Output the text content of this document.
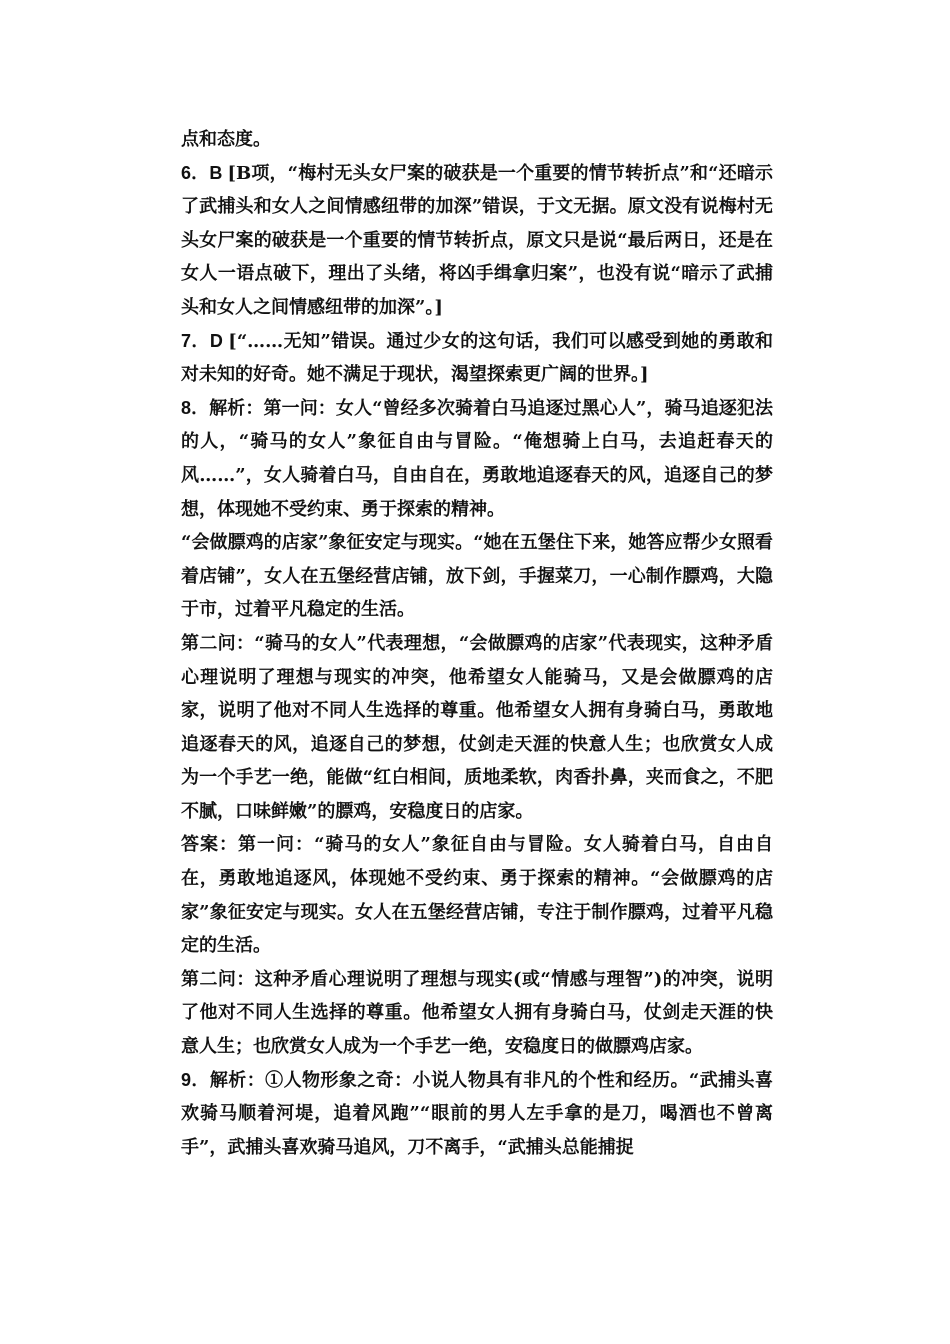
点和态度。
6．B [B项，“梅村无头女尸案的破获是一个重要的情节转折点”和“还暗示了武捕头和女人之间情感纽带的加深”错误，于文无据。原文没有说梅村无头女尸案的破获是一个重要的情节转折点，原文只是说“最后两日，还是在女人一语点破下，理出了头绪，将凶手缉拿归案”，也没有说“暗示了武捕头和女人之间情感纽带的加深”。]
7．D [“……无知”错误。通过少女的这句话，我们可以感受到她的勇敢和对未知的好奇。她不满足于现状，渴望探索更广阔的世界。]
8．解析：第一问：女人“曾经多次骑着白马追逐过黑心人”，骑马追逐犯法的人，“骑马的女人”象征自由与冒险。“俺想骑上白马，去追赶春天的风……”，女人骑着白马，自由自在，勇敢地追逐春天的风，追逐自己的梦想，体现她不受约束、勇于探索的精神。
“会做膘鸡的店家”象征安定与现实。“她在五堡住下来，她答应帮少女照看着店铺”，女人在五堡经营店铺，放下剑，手握菜刀，一心制作膘鸡，大隐于市，过着平凡稳定的生活。
第二问：“骑马的女人”代表理想，“会做膘鸡的店家”代表现实，这种矛盾心理说明了理想与现实的冲突，他希望女人能骑马，又是会做膘鸡的店家，说明了他对不同人生选择的尊重。他希望女人拥有身骑白马，勇敢地追逐春天的风，追逐自己的梦想，仗剑走天涯的快意人生；也欣赏女人成为一个手艺一绝，能做“红白相间，质地柔软，肉香扑鼻，夹而食之，不肥不腻，口味鲜嫩”的膘鸡，安稳度日的店家。
答案：第一问：“骑马的女人”象征自由与冒险。女人骑着白马，自由自在，勇敢地追逐风，体现她不受约束、勇于探索的精神。“会做膘鸡的店家”象征安定与现实。女人在五堡经营店铺，专注于制作膘鸡，过着平凡稳定的生活。
第二问：这种矛盾心理说明了理想与现实(或“情感与理智”)的冲突，说明了他对不同人生选择的尊重。他希望女人拥有身骑白马，仗剑走天涯的快意人生；也欣赏女人成为一个手艺一绝，安稳度日的做膘鸡店家。
9．解析：①人物形象之奇：小说人物具有非凡的个性和经历。“武捕头喜欢骑马顺着河堤，追着风跑”“眼前的男人左手拿的是刀，喝酒也不曾离手”，武捕头喜欢骑马追风，刀不离手，“武捕头总能捕捉
